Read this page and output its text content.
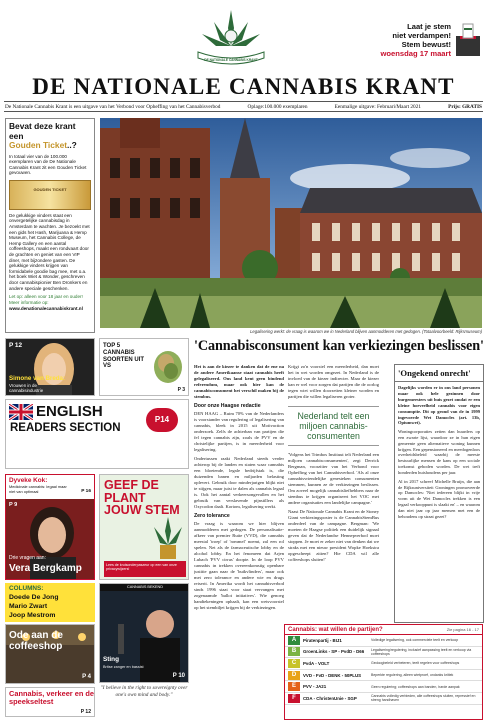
DE NATIONALE CANNABIS KRANT
Laat je stem
niet verdampen!
Stem bewust!
woensdag 17 maart
DE NATIONALE CANNABIS KRANT
De Nationale Cannabis Krant is een uitgave van het Verbond voor Opheffing van het Cannabisverbod	Oplage:100.000 exemplaren	Eenmalige uitgave: Februari/Maart 2021	Prijs: GRATIS
Bevat deze krant een
Gouden Ticket..?

In totaal vier van de 100.000 exemplaren van de De Nationale Cannabis Krant zit een Gouden Ticket gevouwen.

GOUDEN TICKET

De gelukkige vinders staat een onvergetelijke cannabisdag in Amsterdam te wachten. Je bezoekt met een gids het Hash, Marijuana & Hemp Museum, het Cannabis College, de Hemp Gallery en een aantal coffeeshops, maakt een rondvaart door de grachten en geniet van een VIP diner, met bijzondere gasten. De gelukkige vinders krijgen van formidabele goodie bag mee, met o.a. het boek Wiet & Wonder, geschreven door cannabispionier Ben Dronkers en andere speciale geschenken.

Let op: alleen voor 18 jaar en ouder! Meer informatie op:

www.denationalecannabiskrant.nl

Legalisering werkt: de vraag is waarom we in Nederland blijven aanmodderen met gedogen. (Totaalvoorbeeld: Rijksmuseum)
P 12
Simone van Breda:
Vrouwen in de cannabisindustrie
TOP 5 CANNABIS SOORTEN UIT VS
P 3
ENGLISH
READERS SECTION
P14
Dyveke Kok:
Medicinale cannabis: legaal maar niet van optimaal	P 16
P 9
Drie vragen aan:
Vera Bergkamp
GEEF DE PLANT JOUW STEM
Lees de kruisonderpaszeur op een van onze privacywijzers!
COLUMNS:
Doede De Jong
Mario Zwart
Joop Mestrom
Ode aan de coffeeshop
P 4
Cannabis, verkeer en de speekseltest
P 12
CANNABIS BEKEND
Sting
Britse zanger en bassist
P 10
"I believe in the right to sovereignty over one's own mind and body."
'Cannabisconsument kan verkiezingen beslissen'

Het is aan de kiezer te danken dat de ene na de andere Amerikaanse staat cannabis heeft gelegaliseerd. Ons land kent geen bindend referendum, maar ook hier kan de cannabisconsument het verschil maken bij de stembus.

Door onze Haagse redactie

DEN HAAG – Ruim 70% van de Nederlanders is voorstander van regulering of legalisering van cannabis, bleek in 2015 uit Motivaction onderzoek. Zelfs de achterban van partijen die fel tegen cannabis zijn, zoals de PVV en de christelijke partijen, is in meerderheid voor legalisering.

Ondertussen raakt Nederland steeds verder achterop bij de landen en staten waar cannabis een bloeiende, legale bedrijfstak is, die duizenden banen en miljarden belasting oplevert. Gebruik door minderjarigen blijkt niet te stijgen, maar juist te dalen als cannabis legaal is. Ook het aantal verkeersongevallen en het gebruik van verslavende pijnstillers als Oxycodon daalt. Kortom, legalisering werkt.

Zero tolerance

De vraag is waarom we hier blijven aanmodderen met gedogen. De personalisatie-afkeer van premier Rutte (VVD), die cannabis meestal 'troep' of 'rommel' noemt, zal een rol spelen. Net als de farmaceutische lobby en de alcohol lobby. En het fenomeen dat Arjen Lubach 'PVV cirrus' doopte. In de loop PVV cannabis in trekken overeenkomstig openbare justitie gaan naar de 'buikvlinders', maar ook met zero tolerance en andere wie en drugs reiserit. In Amerika wordt het cannabisverbod sinds 1996 staat voor staat vervangen met zogenaamde 'ballot initiatives'. Wie genoeg handtekeningen ophaalt, kan een wetsvoorstel op het stembiljet krijgen bij de verkiezingen.

Krijgt zo'n voorstel een meerderheid, dan moet het in wet worden omgezet. In Nederland is de invloed van de kiezer indirecter. Maar de kiezer kan er wel voor zorgen dat partijen die de oorlog tegen wiet willen doorzetten kleiner worden en partijen die willen legaliseren groter.

Nederland telt een miljoen cannabis-consumenten

'Volgens het Trimbos Instituut telt Nederland een miljoen cannabisconsumenten', zegt Derrick Bergman, voorzitter van het Verbond voor Opheffing van het Cannabisverbod. 'Als al onze cannabisvriendelijke genesteken consumenten stemmen, kunnen ze de verkiezingen beslissen. Om zoveel mogelijk cannabisliefhebbers naar de stembus te krijgen organiseert het VOC met andere organisaties een landelijke campagne.'

Naast De Nationale Cannabis Krant en de Stoney Giant verkiezingsposter is de CannabisStemBus onderdeel van de campagne. Bergman: 'We moeten de Haagse politiek een duidelijk signaal geven dat de Nederlandse Hennepverbod moet stoppen. Je moet er zeker niet van denken dat we straks met een nieuw president Wopke Hoekstra opgescheept zitten? Hie CDA wil alle coffeeshops sluiten!'

'Ongekend onrecht'

Dagelijks worden er in ons land personen maar ook hele gezinnen door burgemeesters uit huis gezet omdat er een kleine hoeveelheid cannabis voor eigen consumptie. Dit op grond van de in 1999 ingevoerde Wet Damocles (art. 13b, Opiumwet).

Woningcorporaties zetten dan huurders op een zwarte lijst, waardoor ze in hun eigen gemeente geen alternatieve woning kunnen krijgen. Een gepensioneerd en meedogenloos overheidsbeleid waarbij de meeste bestuurlijke mensen de kans op een sociale toekomst geboden worden. De wet treft honderden huishoudens per jaar.

Al in 2017 schreef Michelle Bruijn, die aan de Rijksuniversiteit Groningen promoveerde op Damocles: 'Niet iedereen blijkt in vrije vorm uit de Wet Damocles trekken is een legaal verkooppunt is slaakt en' – en waarom dan niet jaar op jaar mensen met een de behoudens op straat gezet?

Cannabis: wat willen de partijen?	Zie pagina 16 - 17
A	Piratenpartij - BIJ1	Volledige legalisering, ook commerciele teelt en verkoop
B	GroenLinks - SP - PvdD - D66	Legalisering/regulering, inclusief aanpassing teelt en verkoop via coffeeshops
C	PvdA - VOLT	Gedoogbeleid verbeteren, teelt regelen voor coffeeshops
D	VVD - FvD - DENK - 50PLUS	Beperkte regulering, alleen wietproef, ondanks kritiek
E	PVV - JA21	Geen regulering; coffeeshops aan banden, harde aanpak
F	CDA - ChristenUnie - SGP	Cannabis volledig verbieden, alle coffeeshops sluiten, repressief en streng handhaven
